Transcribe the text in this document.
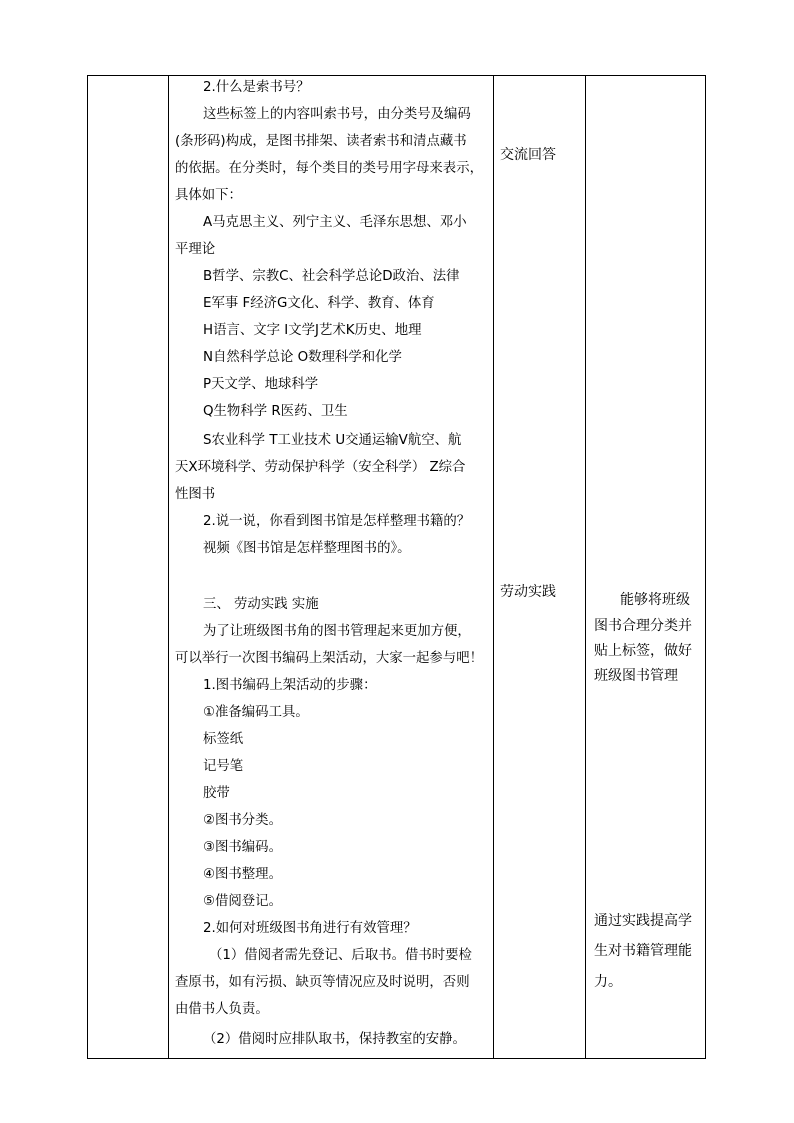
2.什么是索书号？
这些标签上的内容叫索书号，由分类号及编码
(条形码)构成，是图书排架、读者索书和清点藏书
的依据。在分类时，每个类目的类号用字母来表示，
具体如下：
A马克思主义、列宁主义、毛泽东思想、邓小
平理论
B哲学、宗教C、社会科学总论D政治、法律
E军事 F经济G文化、科学、教育、体育
H语言、文字 I文学J艺术K历史、地理
N自然科学总论 O数理科学和化学
P天文学、地球科学
Q生物科学 R医药、卫生
S农业科学 T工业技术 U交通运输V航空、航
天X环境科学、劳动保护科学（安全科学） Z综合
性图书
2.说一说，你看到图书馆是怎样整理书籍的？
视频《图书馆是怎样整理图书的》。
三、 劳动实践 实施
为了让班级图书角的图书管理起来更加方便，
可以举行一次图书编码上架活动，大家一起参与吧！
1.图书编码上架活动的步骤：
①准备编码工具。
标签纸
记号笔
胶带
②图书分类。
③图书编码。
④图书整理。
⑤借阅登记。
2.如何对班级图书角进行有效管理？
（1）借阅者需先登记、后取书。借书时要检
查原书，如有污损、缺页等情况应及时说明，否则
由借书人负责。
（2）借阅时应排队取书，保持教室的安静。
交流回答
劳动实践	能够将班级
图书合理分类并
贴上标签，做好
班级图书管理
通过实践提高学
生对书籍管理能
力。
